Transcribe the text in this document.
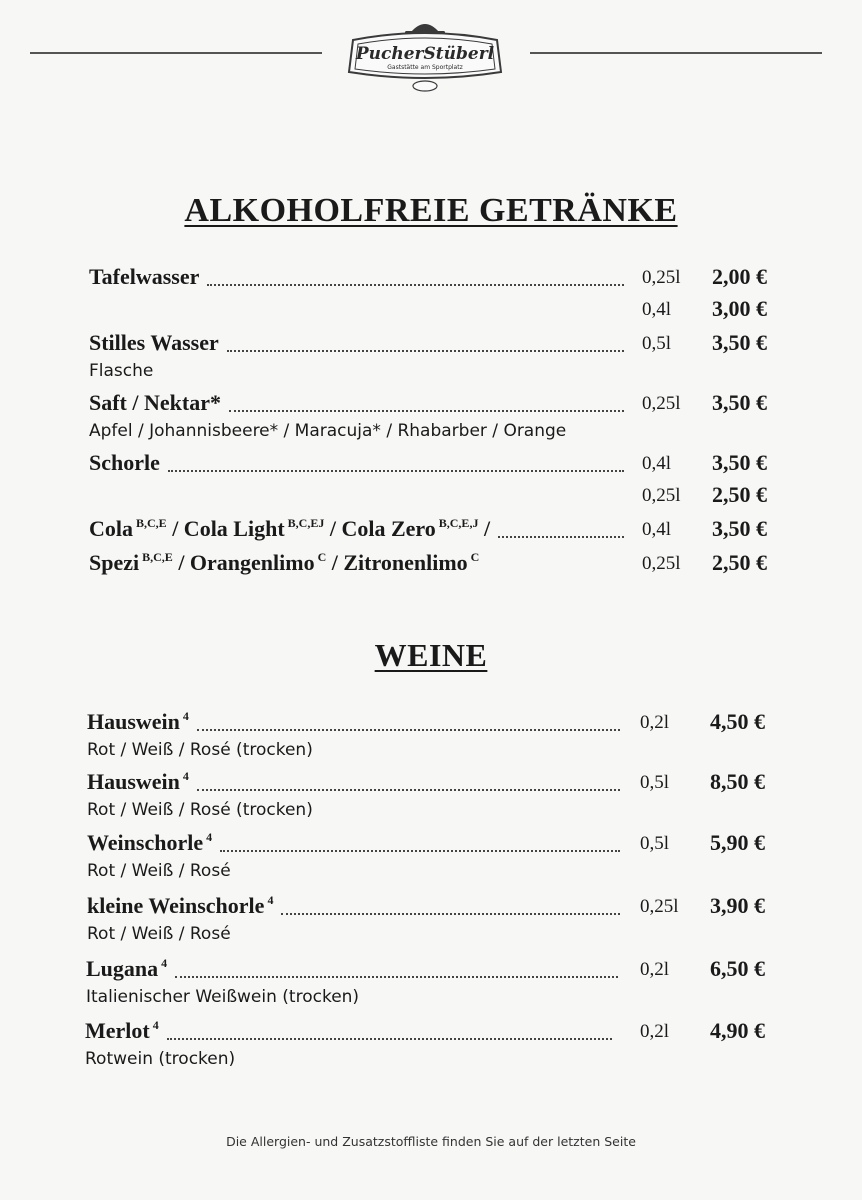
PucherStüberl
Gaststätte am Sportplatz
ALKOHOLFREIE GETRÄNKE
Tafelwasser	0,25l 2,00 €
0,4l 3,00 €
Stilles Wasser	0,5l 3,50 €
Flasche
Saft / Nektar*	0,25l 3,50 €
Apfel / Johannisbeere* / Maracuja* / Rhabarber / Orange
Schorle	0,4l 3,50 €
0,25l 2,50 €
Cola $^{B,C,E}$ / Cola Light $^{B,C,EJ}$ / Cola Zero $^{B,C,E,J}$ /	0,4l 3,50 €
Spezi $^{B,C,E}$ / Orangenlimo $^C$ / Zitronenlimo $^C$	0,25l 2,50 €
WEINE
Hauswein $^4$	0,2l 4,50 €
Rot / Weiß / Rosé (trocken)
Hauswein $^4$	0,5l 8,50 €
Rot / Weiß / Rosé (trocken)
Weinschorle $^4$	0,5l 5,90 €
Rot / Weiß / Rosé
kleine Weinschorle $^4$	0,25l 3,90 €
Rot / Weiß / Rosé
Lugana $^4$	0,2l 6,50 €
Italienischer Weißwein (trocken)
Merlot $^4$	0,2l 4,90 €
Rotwein (trocken)
Die Allergien- und Zusatzstoffliste finden Sie auf der letzten Seite
